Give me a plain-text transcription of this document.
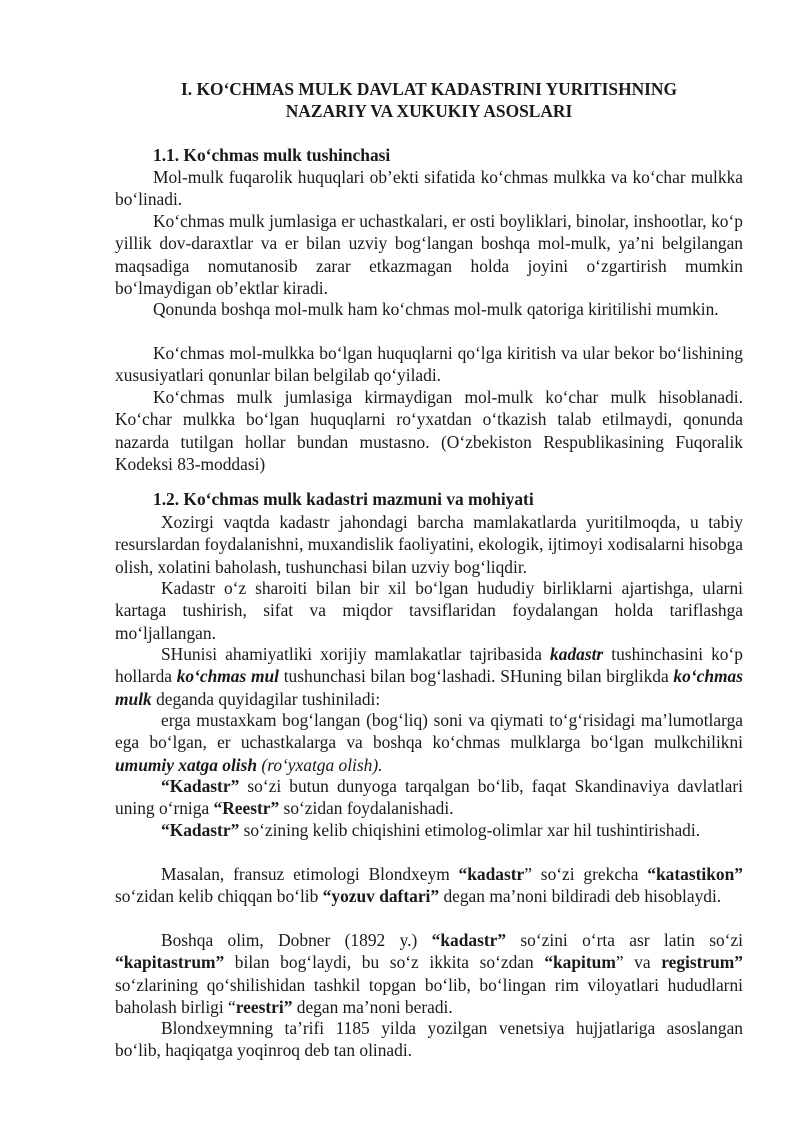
I. KO‘CHMAS MULK DAVLAT KADASTRINI YURITISHNING
NAZARIY VA XUKUKIY ASOSLARI
1.1. Ko‘chmas mulk tushinchasi

Mol-mulk fuqarolik huquqlari ob’ekti sifatida ko‘chmas mulkka va ko‘char mulkka bo‘linadi.

Ko‘chmas mulk jumlasiga er uchastkalari, er osti boyliklari, binolar, inshootlar, ko‘p yillik dov-daraxtlar va er bilan uzviy bog‘langan boshqa mol-mulk, ya’ni belgilangan maqsadiga nomutanosib zarar etkazmagan holda joyini o‘zgartirish mumkin bo‘lmaydigan ob’ektlar kiradi.

Qonunda boshqa mol-mulk ham ko‘chmas mol-mulk qatoriga kiritilishi mumkin.

Ko‘chmas mol-mulkka bo‘lgan huquqlarni qo‘lga kiritish va ular bekor bo‘lishining xususiyatlari qonunlar bilan belgilab qo‘yiladi.

Ko‘chmas mulk jumlasiga kirmaydigan mol-mulk ko‘char mulk hisoblanadi. Ko‘char mulkka bo‘lgan huquqlarni ro‘yxatdan o‘tkazish talab etilmaydi, qonunda nazarda tutilgan hollar bundan mustasno. (O‘zbekiston Respublikasining Fuqoralik Kodeksi 83-moddasi)

1.2. Ko‘chmas mulk kadastri mazmuni va mohiyati

Xozirgi vaqtda kadastr jahondagi barcha mamlakatlarda yuritilmoqda, u tabiy resurslardan foydalanishni, muxandislik faoliyatini, ekologik, ijtimoyi xodisalarni hisobga olish, xolatini baholash, tushunchasi bilan uzviy bog‘liqdir.

Kadastr o‘z sharoiti bilan bir xil bo‘lgan hududiy birliklarni ajartishga, ularni kartaga tushirish, sifat va miqdor tavsiflaridan foydalangan holda tariflashga mo‘ljallangan.

SHunisi ahamiyatliki xorijiy mamlakatlar tajribasida kadastr tushinchasini ko‘p hollarda ko‘chmas mul tushunchasi bilan bog‘lashadi. SHuning bilan birglikda ko‘chmas mulk deganda quyidagilar tushiniladi:

erga mustaxkam bog‘langan (bog‘liq) soni va qiymati to‘g‘risidagi ma’lumotlarga ega bo‘lgan, er uchastkalarga va boshqa ko‘chmas mulklarga bo‘lgan mulkchilikni umumiy xatga olish (ro‘yxatga olish).

“Kadastr” so‘zi butun dunyoga tarqalgan bo‘lib, faqat Skandinaviya davlatlari uning o‘rniga “Reestr” so‘zidan foydalanishadi.

“Kadastr” so‘zining kelib chiqishini etimolog-olimlar xar hil tushintirishadi.

Masalan, fransuz etimologi Blondxeym “kadastr” so‘zi grekcha “katastikon” so‘zidan kelib chiqqan bo‘lib “yozuv daftari” degan ma’noni bildiradi deb hisoblaydi.

Boshqa olim, Dobner (1892 y.) “kadastr” so‘zini o‘rta asr latin so‘zi “kapitastrum” bilan bog‘laydi, bu so‘z ikkita so‘zdan “kapitum” va registrum” so‘zlarining qo‘shilishidan tashkil topgan bo‘lib, bo‘lingan rim viloyatlari hududlarni baholash birligi “reestri” degan ma’noni beradi.

Blondxeymning ta’rifi 1185 yilda yozilgan venetsiya hujjatlariga asoslangan bo‘lib, haqiqatga yoqinroq deb tan olinadi.
